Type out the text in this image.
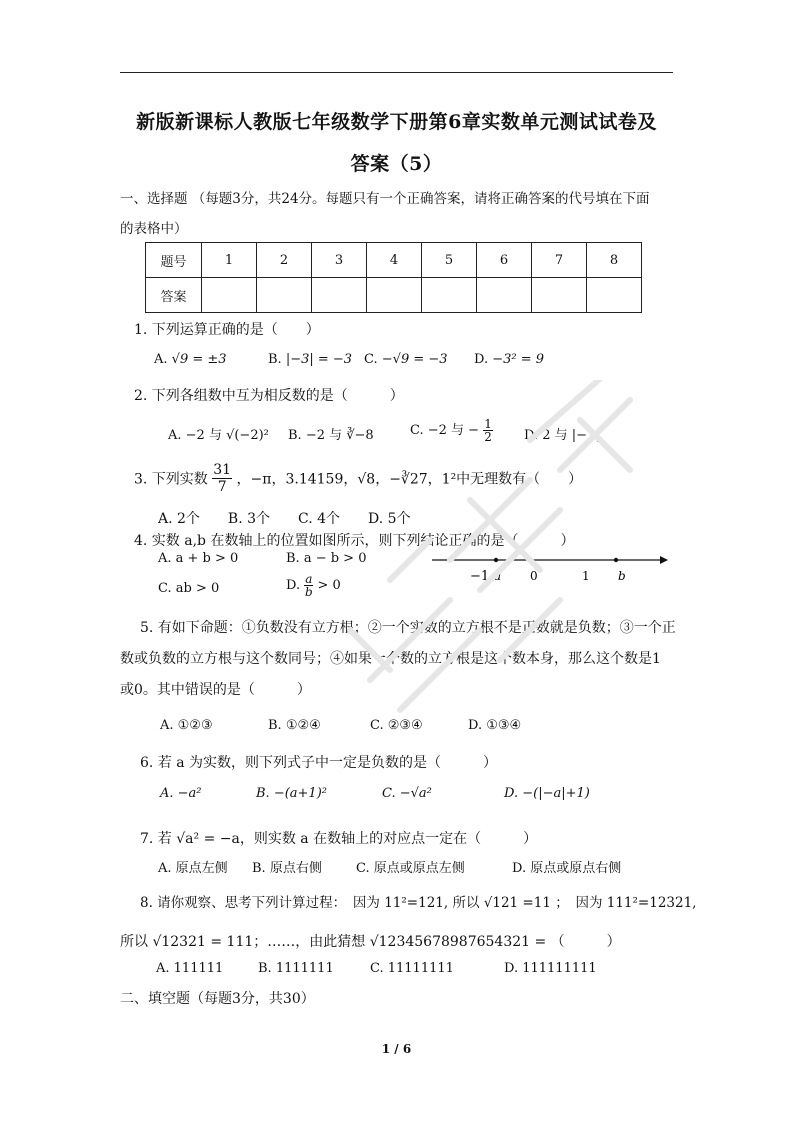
新版新课标人教版七年级数学下册第6章实数单元测试试卷及
答案（5）
一、选择题 （每题3分，共24分。每题只有一个正确答案，请将正确答案的代号填在下面
的表格中）
题号	1	2	3	4	5	6	7	8
答案								
1. 下列运算正确的是（　　）
A. √9 = ±3	B. |−3| = −3 C. −√9 = −3 D. −3² = 9
2. 下列各组数中互为相反数的是（　　　）
A. −2 与 √(−2)² B. −2 与 ∛−8	C. −2 与 − $\frac{1}{2} D$. 2 与 |−2|
3. 下列实数 $\frac{31}{7}$ ，−π，3.14159，√8，−∛27，1²中无理数有（　　）
A. 2个　　B. 3个　　C. 4个　　D. 5个
4. 实数 a,b 在数轴上的位置如图所示，则下列结论正确的是（　　　）
A. a + b > 0	B. a − b > 0
C. ab > 0	D. $\frac{a}{b} > 0$
−1 a 0	1 b
5. 有如下命题：①负数没有立方根；②一个实数的立方根不是正数就是负数；③一个正
数或负数的立方根与这个数同号；④如果一个数的立方根是这个数本身，那么这个数是1
或0。其中错误的是（　　　）
A. ①②③	B. ①②④	C. ②③④	D. ①③④
6. 若 a 为实数，则下列式子中一定是负数的是（　　　）
A. −a²	B. −(a+1)²	C. −√a²	D. −(|−a|+1)
7. 若 √a² = −a，则实数 a 在数轴上的对应点一定在（　　　）
A. 原点左侧 B. 原点右侧	C. 原点或原点左侧	D. 原点或原点右侧
8. 请你观察、思考下列计算过程：　因为 11²=121, 所以 √121 =11 ；　因为 111²=12321,
所以 √12321 = 111；……，由此猜想 √12345678987654321 = （　　　）
A. 111111	B. 1111111	C. 11111111	D. 111111111
二、填空题（每题3分，共30）
1 / 6
